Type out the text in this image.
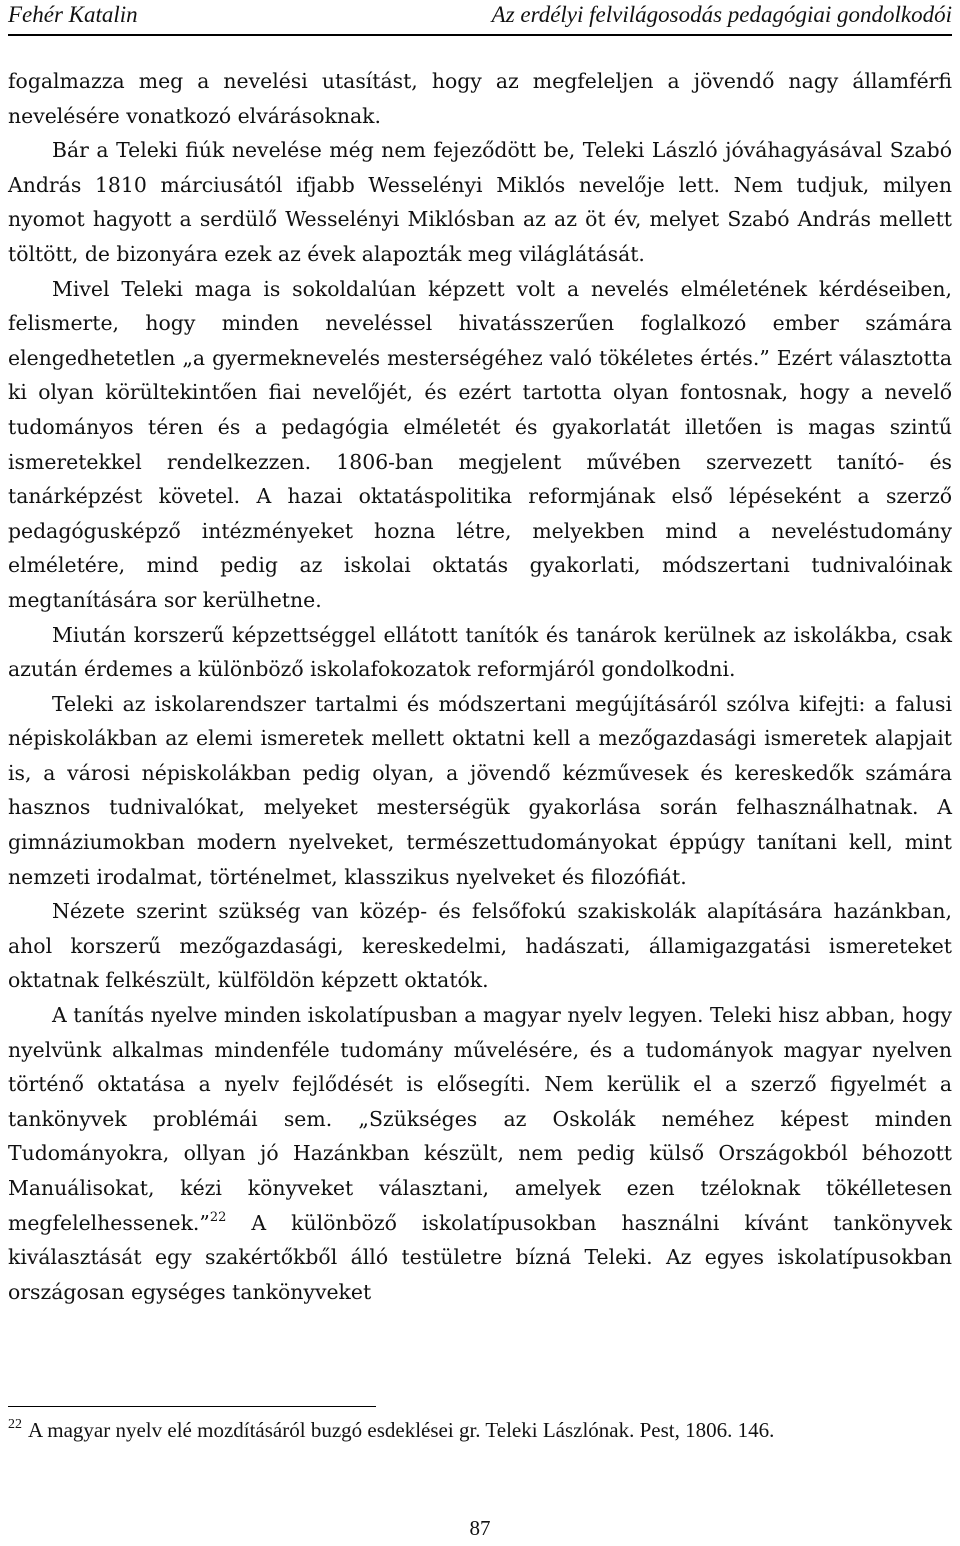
Fehér Katalin	Az erdélyi felvilágosodás pedagógiai gondolkodói

fogalmazza meg a nevelési utasítást, hogy az megfeleljen a jövendő nagy államférfi nevelésére vonatkozó elvárásoknak.

Bár a Teleki fiúk nevelése még nem fejeződött be, Teleki László jóváhagyásával Szabó András 1810 márciusától ifjabb Wesselényi Miklós nevelője lett. Nem tudjuk, milyen nyomot hagyott a serdülő Wesselényi Miklósban az az öt év, melyet Szabó András mellett töltött, de bizonyára ezek az évek alapozták meg világlátását.

Mivel Teleki maga is sokoldalúan képzett volt a nevelés elméletének kérdéseiben, felismerte, hogy minden neveléssel hivatásszerűen foglalkozó ember számára elengedhetetlen „a gyermeknevelés mesterségéhez való tökéletes értés.” Ezért választotta ki olyan körültekintően fiai nevelőjét, és ezért tartotta olyan fontosnak, hogy a nevelő tudományos téren és a pedagógia elméletét és gyakorlatát illetően is magas szintű ismeretekkel rendelkezzen. 1806-ban megjelent művében szervezett tanító- és tanárképzést követel. A hazai oktatáspolitika reformjának első lépéseként a szerző pedagógusképző intézményeket hozna létre, melyekben mind a neveléstudomány elméletére, mind pedig az iskolai oktatás gyakorlati, módszertani tudnivalóinak megtanítására sor kerülhetne.

Miután korszerű képzettséggel ellátott tanítók és tanárok kerülnek az iskolákba, csak azután érdemes a különböző iskolafokozatok reformjáról gondolkodni.

Teleki az iskolarendszer tartalmi és módszertani megújításáról szólva kifejti: a falusi népiskolákban az elemi ismeretek mellett oktatni kell a mezőgazdasági ismeretek alapjait is, a városi népiskolákban pedig olyan, a jövendő kézművesek és kereskedők számára hasznos tudnivalókat, melyeket mesterségük gyakorlása során felhasználhatnak. A gimnáziumokban modern nyelveket, természettudományokat éppúgy tanítani kell, mint nemzeti irodalmat, történelmet, klasszikus nyelveket és filozófiát.

Nézete szerint szükség van közép- és felsőfokú szakiskolák alapítására hazánkban, ahol korszerű mezőgazdasági, kereskedelmi, hadászati, államigazgatási ismereteket oktatnak felkészült, külföldön képzett oktatók.

A tanítás nyelve minden iskolatípusban a magyar nyelv legyen. Teleki hisz abban, hogy nyelvünk alkalmas mindenféle tudomány művelésére, és a tudományok magyar nyelven történő oktatása a nyelv fejlődését is elősegíti. Nem kerülik el a szerző figyelmét a tankönyvek problémái sem. „Szükséges az Oskolák neméhez képest minden Tudományokra, ollyan jó Hazánkban készült, nem pedig külső Országokból béhozott Manuálisokat, kézi könyveket választani, amelyek ezen tzéloknak tökélletesen megfelelhessenek.”$^{22}$ A különböző iskolatípusokban használni kívánt tankönyvek kiválasztását egy szakértőkből álló testületre bízná Teleki. Az egyes iskolatípusokban országosan egységes tankönyveket

$^{22}$ A magyar nyelv elé mozdításáról buzgó esdeklései gr. Teleki Lászlónak. Pest, 1806. 146.
87
